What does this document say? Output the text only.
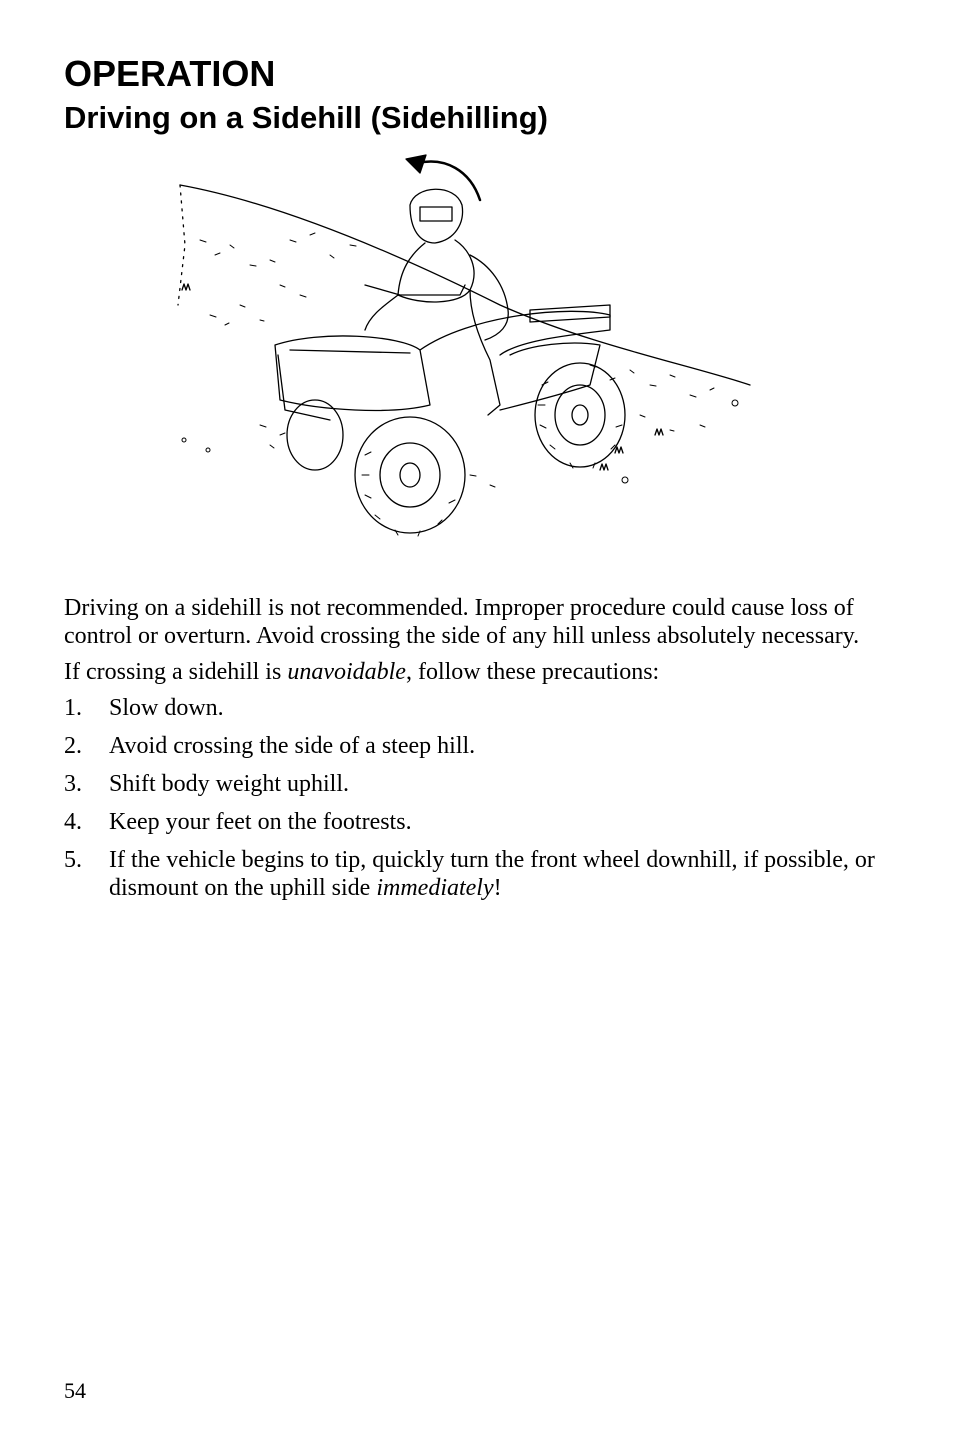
OPERATION
Driving on a Sidehill (Sidehilling)

Driving on a sidehill is not recommended. Improper procedure could cause loss of control or overturn. Avoid crossing the side of any hill unless absolutely necessary.

If crossing a sidehill is unavoidable, follow these precautions:

1.	Slow down.
2.	Avoid crossing the side of a steep hill.
3.	Shift body weight uphill.
4.	Keep your feet on the footrests.
5.	If the vehicle begins to tip, quickly turn the front wheel downhill, if possible, or dismount on the uphill side immediately!
54
